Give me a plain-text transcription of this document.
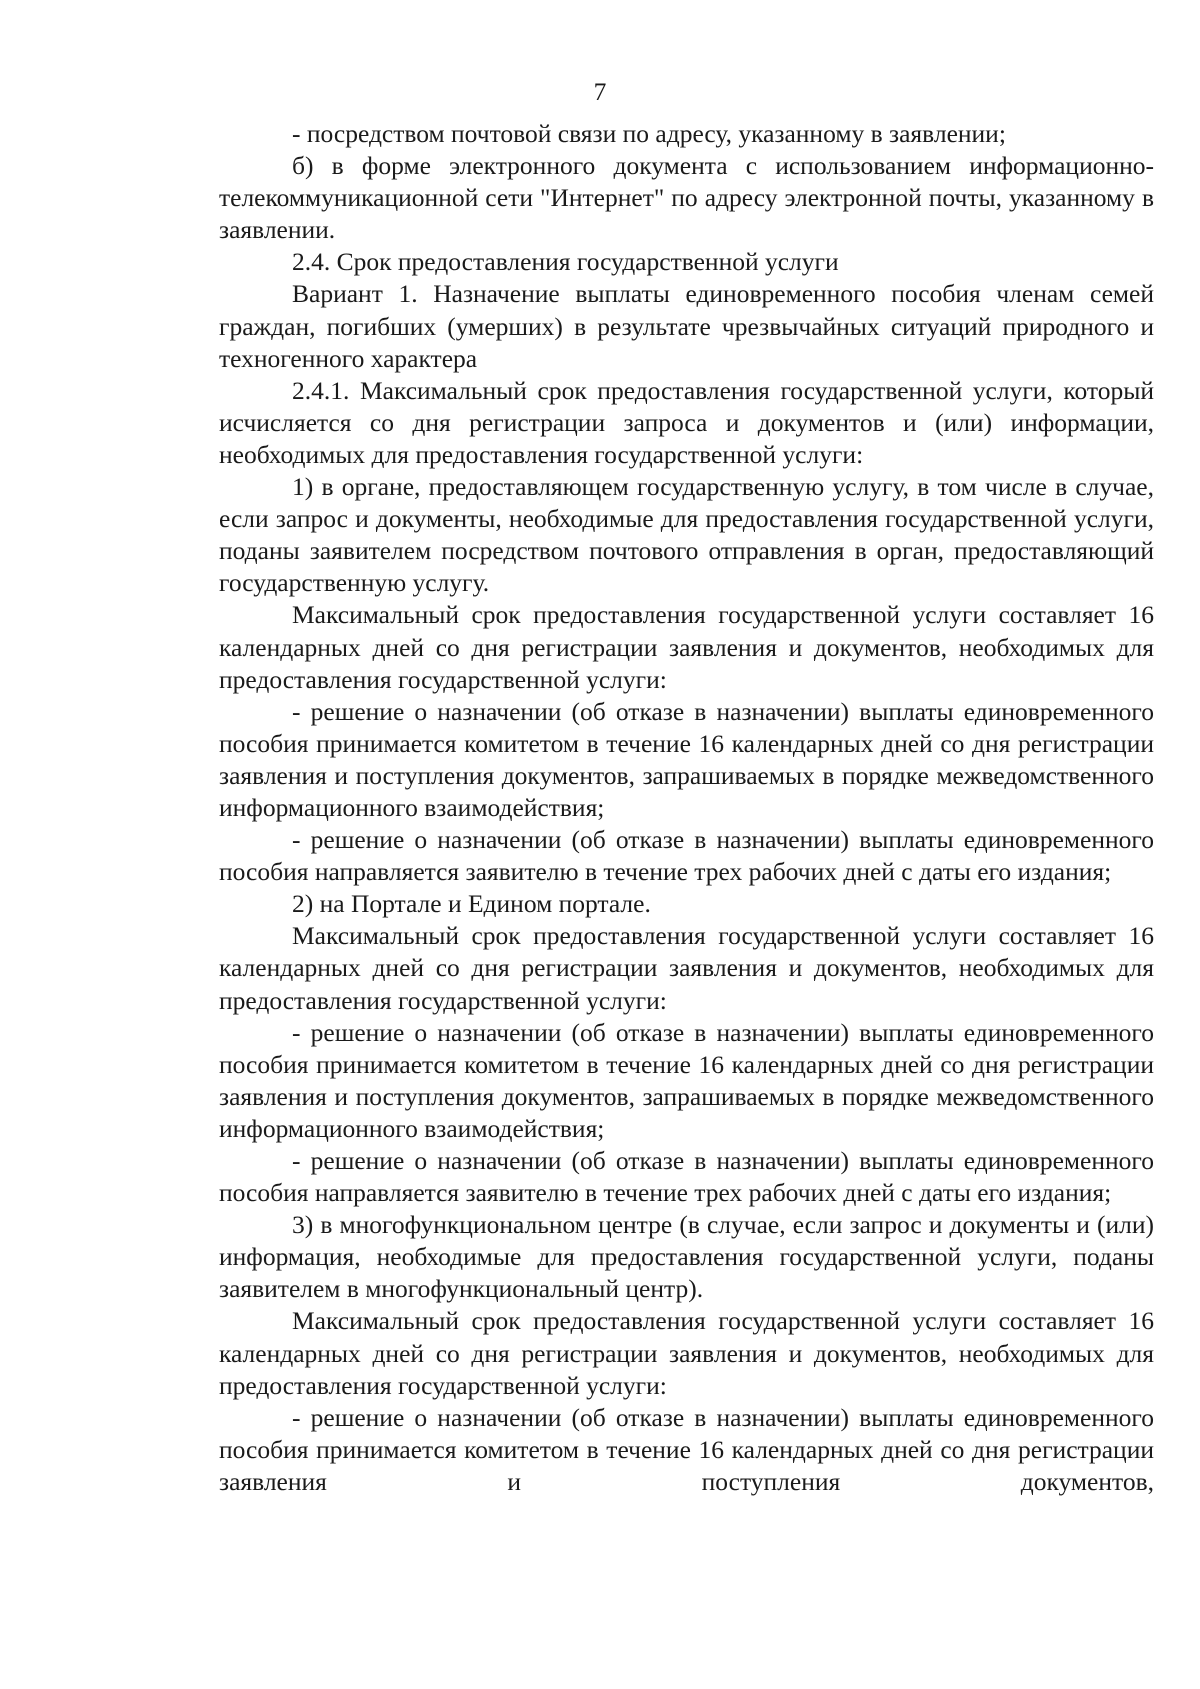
7

- посредством почтовой связи по адресу, указанному в заявлении;

б) в форме электронного документа с использованием информационно-телекоммуникационной сети "Интернет" по адресу электронной почты, указанному в заявлении.

2.4. Срок предоставления государственной услуги

Вариант 1. Назначение выплаты единовременного пособия членам семей граждан, погибших (умерших) в результате чрезвычайных ситуаций природного и техногенного характера

2.4.1. Максимальный срок предоставления государственной услуги, который исчисляется со дня регистрации запроса и документов и (или) информации, необходимых для предоставления государственной услуги:

1) в органе, предоставляющем государственную услугу, в том числе в случае, если запрос и документы, необходимые для предоставления государственной услуги, поданы заявителем посредством почтового отправления в орган, предоставляющий государственную услугу.

Максимальный срок предоставления государственной услуги составляет 16 календарных дней со дня регистрации заявления и документов, необходимых для предоставления государственной услуги:

- решение о назначении (об отказе в назначении) выплаты единовременного пособия принимается комитетом в течение 16 календарных дней со дня регистрации заявления и поступления документов, запрашиваемых в порядке межведомственного информационного взаимодействия;

- решение о назначении (об отказе в назначении) выплаты единовременного пособия направляется заявителю в течение трех рабочих дней с даты его издания;

2) на Портале и Едином портале.

Максимальный срок предоставления государственной услуги составляет 16 календарных дней со дня регистрации заявления и документов, необходимых для предоставления государственной услуги:

- решение о назначении (об отказе в назначении) выплаты единовременного пособия принимается комитетом в течение 16 календарных дней со дня регистрации заявления и поступления документов, запрашиваемых в порядке межведомственного информационного взаимодействия;

- решение о назначении (об отказе в назначении) выплаты единовременного пособия направляется заявителю в течение трех рабочих дней с даты его издания;

3) в многофункциональном центре (в случае, если запрос и документы и (или) информация, необходимые для предоставления государственной услуги, поданы заявителем в многофункциональный центр).

Максимальный срок предоставления государственной услуги составляет 16 календарных дней со дня регистрации заявления и документов, необходимых для предоставления государственной услуги:

- решение о назначении (об отказе в назначении) выплаты единовременного пособия принимается комитетом в течение 16 календарных дней со дня регистрации заявления и поступления документов,
